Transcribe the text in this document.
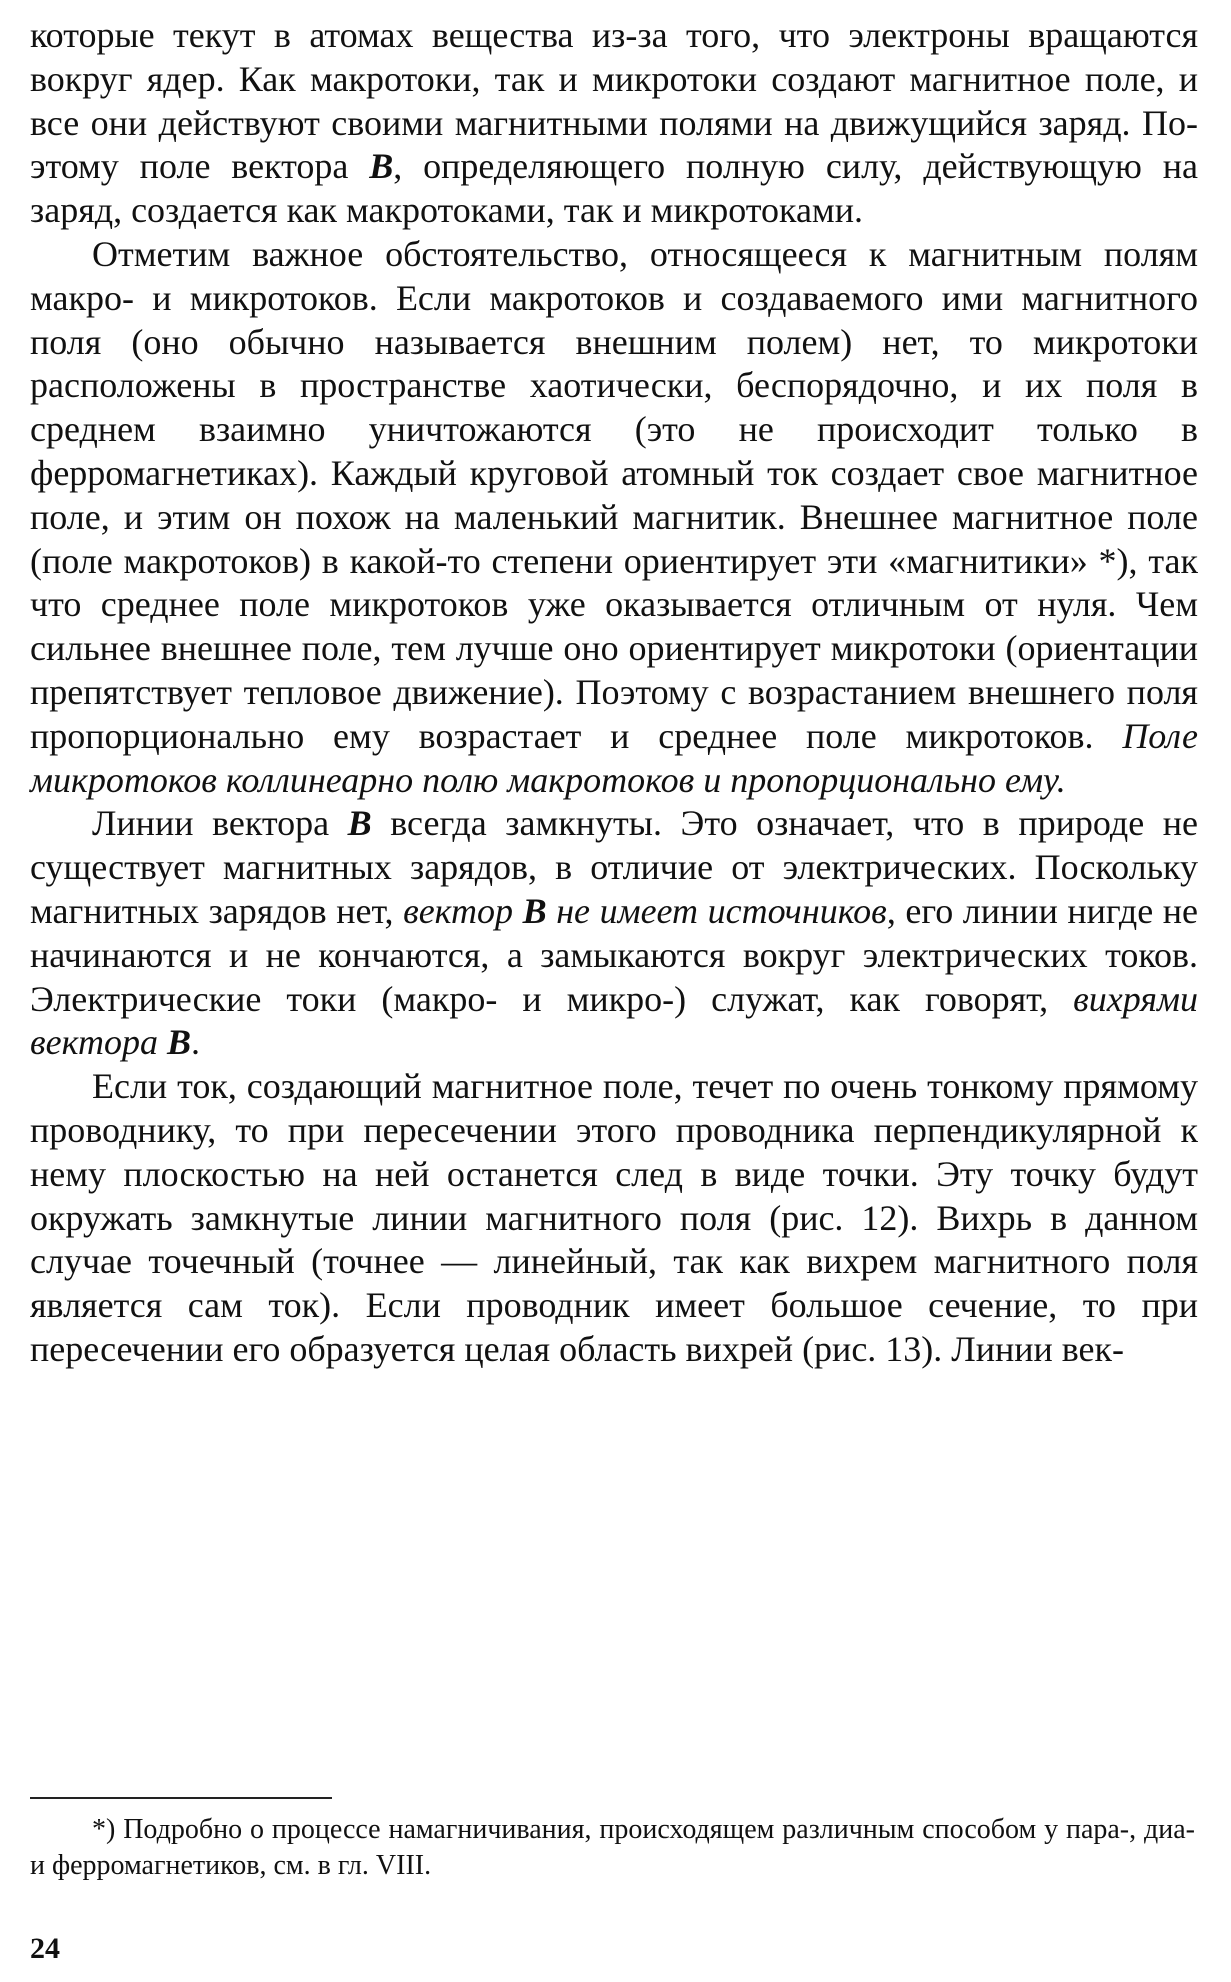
которые текут в атомах вещества из-за того, что электроны вращаются вокруг ядер. Как макротоки, так и микротоки создают магнитное поле, и все они действуют своими магнитными полями на движущийся заряд. Поэтому поле вектора B, определяющего полную силу, действующую на заряд, создается как макротоками, так и микротоками.

Отметим важное обстоятельство, относящееся к магнитным полям макро- и микротоков. Если макротоков и создаваемого ими магнитного поля (оно обычно называется внешним полем) нет, то микротоки расположены в пространстве хаотически, беспорядочно, и их поля в среднем взаимно уничтожаются (это не происходит только в ферромагнетиках). Каждый круговой атомный ток создает свое магнитное поле, и этим он похож на маленький магнитик. Внешнее магнитное поле (поле макротоков) в какой-то степени ориентирует эти «магнитики» *), так что среднее поле микротоков уже оказывается отличным от нуля. Чем сильнее внешнее поле, тем лучше оно ориентирует микротоки (ориентации препятствует тепловое движение). Поэтому с возрастанием внешнего поля пропорционально ему возрастает и среднее поле микротоков. Поле микротоков коллинеарно полю макротоков и пропорционально ему.

Линии вектора B всегда замкнуты. Это означает, что в природе не существует магнитных зарядов, в отличие от электрических. Поскольку магнитных зарядов нет, вектор B не имеет источников, его линии нигде не начинаются и не кончаются, а замыкаются вокруг электрических токов. Электрические токи (макро- и микро-) служат, как говорят, вихрями вектора B.

Если ток, создающий магнитное поле, течет по очень тонкому прямому проводнику, то при пересечении этого проводника перпендикулярной к нему плоскостью на ней останется след в виде точки. Эту точку будут окружать замкнутые линии магнитного поля (рис. 12). Вихрь в данном случае точечный (точнее — линейный, так как вихрем магнитного поля является сам ток). Если проводник имеет большое сечение, то при пересечении его образуется целая область вихрей (рис. 13). Линии век-

*) Подробно о процессе намагничивания, происходящем различным способом у пара-, диа- и ферромагнетиков, см. в гл. VIII.

24
